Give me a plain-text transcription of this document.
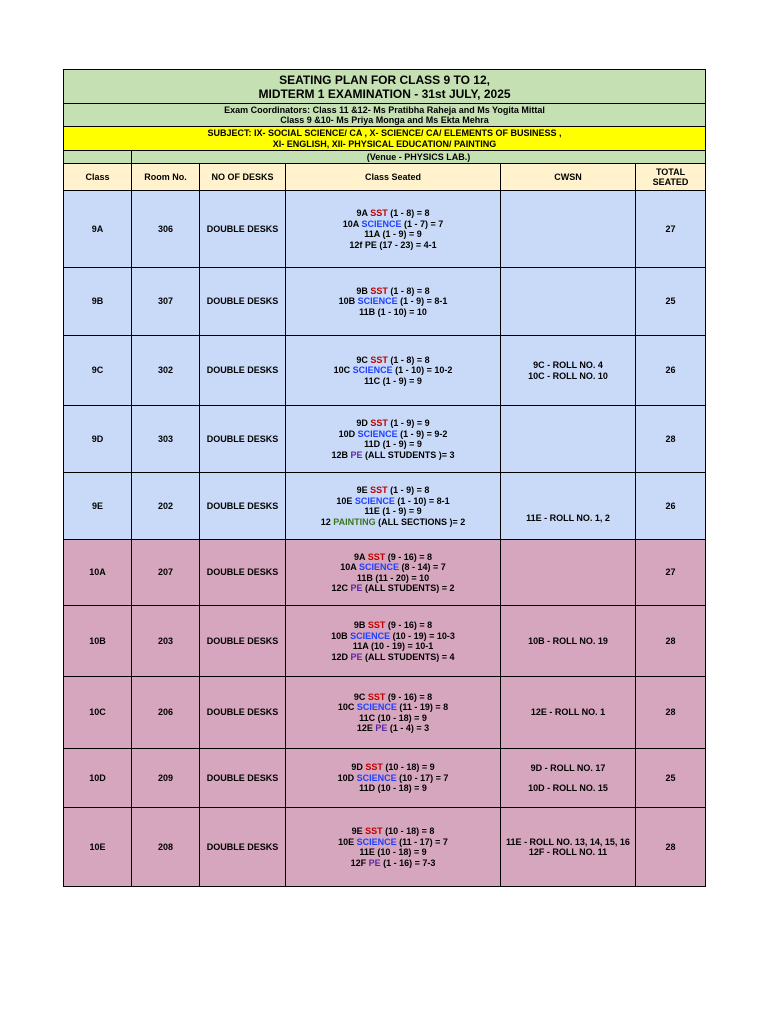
SEATING PLAN FOR CLASS 9 TO 12,
MIDTERM 1 EXAMINATION - 31st JULY, 2025					

Exam Coordinators: Class 11 &12- Ms Pratibha Raheja and Ms Yogita Mittal
Class 9 &10- Ms Priya Monga and Ms Ekta Mehra					

SUBJECT: IX- SOCIAL SCIENCE/ CA , X- SCIENCE/ CA/ ELEMENTS OF BUSINESS ,
XI- ENGLISH, XII- PHYSICAL EDUCATION/ PAINTING					

	(Venue - PHYSICS LAB.)				
Class	Room No.	NO OF DESKS	Class Seated	CWSN	TOTAL SEATED
9A	306	DOUBLE DESKS	9A SST (1 - 8) = 8
10A SCIENCE (1 - 7) = 7
11A (1 - 9) = 9
12f PE (17 - 23) = 4-1		27
9B	307	DOUBLE DESKS	9B SST (1 - 8) = 8
10B SCIENCE (1 - 9) = 8-1
11B (1 - 10) = 10		25
9C	302	DOUBLE DESKS	9C SST (1 - 8) = 8
10C SCIENCE (1 - 10) = 10-2
11C (1 - 9) = 9	9C - ROLL NO. 4
10C - ROLL NO. 10	26
9D	303	DOUBLE DESKS	9D SST (1 - 9) = 9
10D SCIENCE (1 - 9) = 9-2
11D (1 - 9) = 9
12B PE (ALL STUDENTS )= 3		28
9E	202	DOUBLE DESKS	9E SST (1 - 9) = 8
10E SCIENCE (1 - 10) = 8-1
11E (1 - 9) = 9
12 PAINTING (ALL SECTIONS )= 2	11E - ROLL NO. 1, 2	26
10A	207	DOUBLE DESKS	9A SST (9 - 16) = 8
10A SCIENCE (8 - 14) = 7
11B (11 - 20) = 10
12C PE (ALL STUDENTS) = 2		27
10B	203	DOUBLE DESKS	9B SST (9 - 16) = 8
10B SCIENCE (10 - 19) = 10-3
11A (10 - 19) = 10-1
12D PE (ALL STUDENTS) = 4	10B - ROLL NO. 19	28
10C	206	DOUBLE DESKS	9C SST (9 - 16) = 8
10C SCIENCE (11 - 19) = 8
11C (10 - 18) = 9
12E PE (1 - 4) = 3	12E - ROLL NO. 1	28
10D	209	DOUBLE DESKS	9D SST (10 - 18) = 9
10D SCIENCE (10 - 17) = 7
11D (10 - 18) = 9	9D - ROLL NO. 17
10D - ROLL NO. 15	25
10E	208	DOUBLE DESKS	9E SST (10 - 18) = 8
10E SCIENCE (11 - 17) = 7
11E (10 - 18) = 9
12F PE (1 - 16) = 7-3	11E - ROLL NO. 13, 14, 15, 16
12F - ROLL NO. 11	28
